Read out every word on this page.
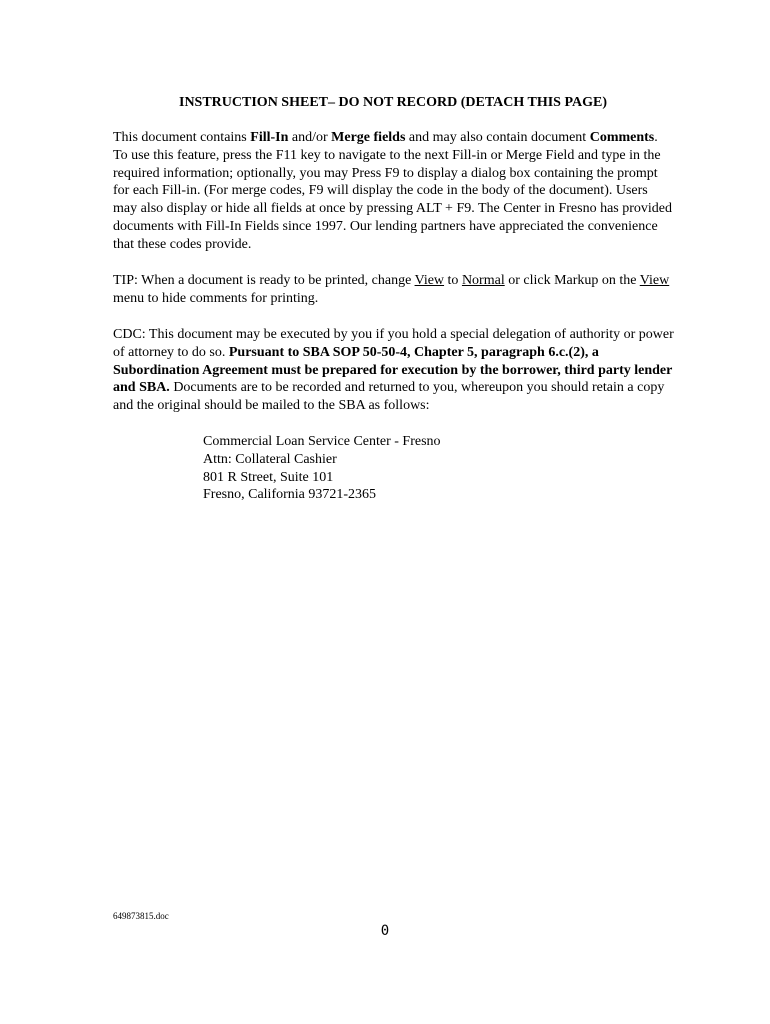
INSTRUCTION SHEET– DO NOT RECORD (DETACH THIS PAGE)

This document contains Fill-In and/or Merge fields and may also contain document Comments. To use this feature, press the F11 key to navigate to the next Fill-in or Merge Field and type in the required information; optionally, you may Press F9 to display a dialog box containing the prompt for each Fill-in. (For merge codes, F9 will display the code in the body of the document). Users may also display or hide all fields at once by pressing ALT + F9. The Center in Fresno has provided documents with Fill-In Fields since 1997. Our lending partners have appreciated the convenience that these codes provide.

TIP: When a document is ready to be printed, change View to Normal or click Markup on the View menu to hide comments for printing.

CDC: This document may be executed by you if you hold a special delegation of authority or power of attorney to do so. Pursuant to SBA SOP 50-50-4, Chapter 5, paragraph 6.c.(2), a Subordination Agreement must be prepared for execution by the borrower, third party lender and SBA. Documents are to be recorded and returned to you, whereupon you should retain a copy and the original should be mailed to the SBA as follows:

Commercial Loan Service Center - Fresno
Attn: Collateral Cashier
801 R Street, Suite 101
Fresno, California 93721-2365
649873815.doc
0
